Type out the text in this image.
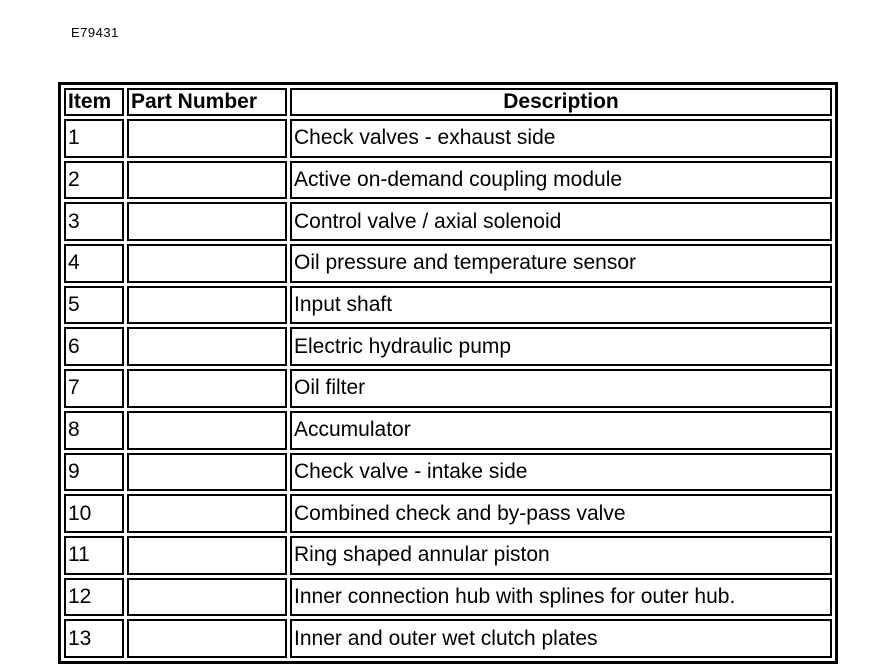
E79431
Item	Part Number	Description
1		Check valves - exhaust side
2		Active on-demand coupling module
3		Control valve / axial solenoid
4		Oil pressure and temperature sensor
5		Input shaft
6		Electric hydraulic pump
7		Oil filter
8		Accumulator
9		Check valve - intake side
10		Combined check and by-pass valve
11		Ring shaped annular piston
12		Inner connection hub with splines for outer hub.
13		Inner and outer wet clutch plates
